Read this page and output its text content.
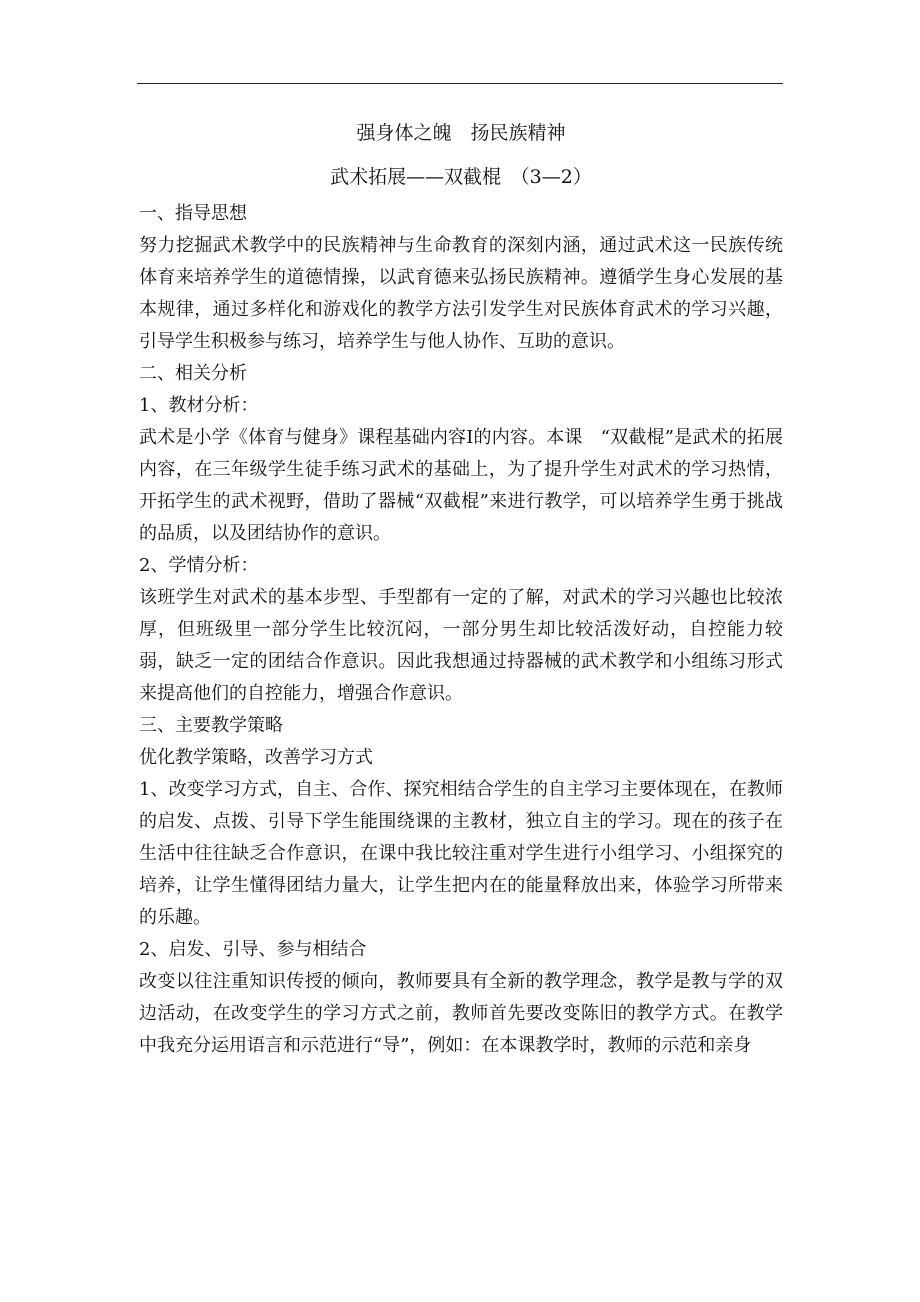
强身体之魄　扬民族精神
武术拓展——双截棍　（3—2）

一、指导思想

努力挖掘武术教学中的民族精神与生命教育的深刻内涵，通过武术这一民族传统体育来培养学生的道德情操，以武育德来弘扬民族精神。遵循学生身心发展的基本规律，通过多样化和游戏化的教学方法引发学生对民族体育武术的学习兴趣，引导学生积极参与练习，培养学生与他人协作、互助的意识。

二、相关分析

1、教材分析：

武术是小学《体育与健身》课程基础内容Ⅰ的内容。本课　“双截棍”是武术的拓展内容，在三年级学生徒手练习武术的基础上，为了提升学生对武术的学习热情，开拓学生的武术视野，借助了器械“双截棍”来进行教学，可以培养学生勇于挑战的品质，以及团结协作的意识。

2、学情分析：

该班学生对武术的基本步型、手型都有一定的了解，对武术的学习兴趣也比较浓厚，但班级里一部分学生比较沉闷，一部分男生却比较活泼好动，自控能力较弱，缺乏一定的团结合作意识。因此我想通过持器械的武术教学和小组练习形式来提高他们的自控能力，增强合作意识。

三、主要教学策略

优化教学策略，改善学习方式

1、改变学习方式，自主、合作、探究相结合学生的自主学习主要体现在，在教师的启发、点拨、引导下学生能围绕课的主教材，独立自主的学习。现在的孩子在生活中往往缺乏合作意识，在课中我比较注重对学生进行小组学习、小组探究的培养，让学生懂得团结力量大，让学生把内在的能量释放出来，体验学习所带来的乐趣。

2、启发、引导、参与相结合

改变以往注重知识传授的倾向，教师要具有全新的教学理念，教学是教与学的双边活动，在改变学生的学习方式之前，教师首先要改变陈旧的教学方式。在教学中我充分运用语言和示范进行“导”，例如：在本课教学时，教师的示范和亲身
